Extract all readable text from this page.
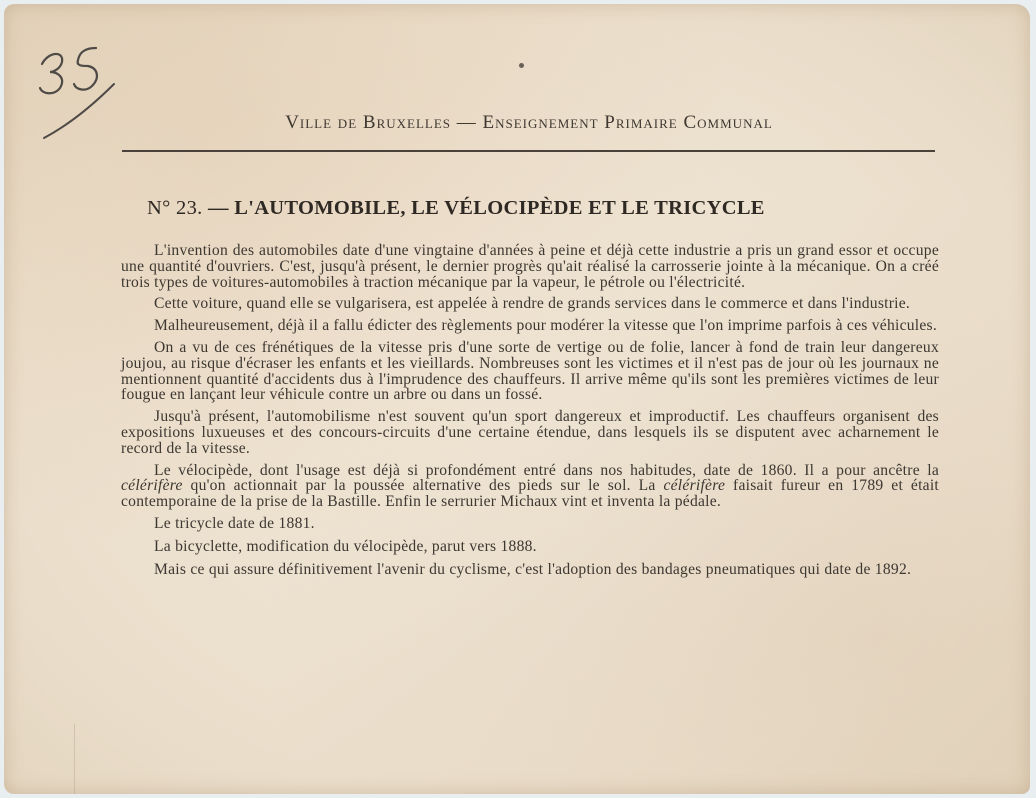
Ville de Bruxelles — Enseignement Primaire Communal
N° 23. — L'AUTOMOBILE, LE VÉLOCIPÈDE ET LE TRICYCLE

L'invention des automobiles date d'une vingtaine d'années à peine et déjà cette industrie a pris un grand essor et occupe une quantité d'ouvriers. C'est, jusqu'à présent, le dernier progrès qu'ait réalisé la carrosserie jointe à la mécanique. On a créé trois types de voitures-automobiles à traction mécanique par la vapeur, le pétrole ou l'électricité.

Cette voiture, quand elle se vulgarisera, est appelée à rendre de grands services dans le commerce et dans l'industrie.

Malheureusement, déjà il a fallu édicter des règlements pour modérer la vitesse que l'on imprime parfois à ces véhicules.

On a vu de ces frénétiques de la vitesse pris d'une sorte de vertige ou de folie, lancer à fond de train leur dangereux joujou, au risque d'écraser les enfants et les vieillards. Nombreuses sont les victimes et il n'est pas de jour où les journaux ne mentionnent quantité d'accidents dus à l'imprudence des chauffeurs. Il arrive même qu'ils sont les premières victimes de leur fougue en lançant leur véhicule contre un arbre ou dans un fossé.

Jusqu'à présent, l'automobilisme n'est souvent qu'un sport dangereux et improductif. Les chauffeurs organisent des expositions luxueuses et des concours-circuits d'une certaine étendue, dans lesquels ils se disputent avec acharnement le record de la vitesse.

Le vélocipède, dont l'usage est déjà si profondément entré dans nos habitudes, date de 1860. Il a pour ancêtre la célérifère qu'on actionnait par la poussée alternative des pieds sur le sol. La célérifère faisait fureur en 1789 et était contemporaine de la prise de la Bastille. Enfin le serrurier Michaux vint et inventa la pédale.

Le tricycle date de 1881.

La bicyclette, modification du vélocipède, parut vers 1888.

Mais ce qui assure définitivement l'avenir du cyclisme, c'est l'adoption des bandages pneumatiques qui date de 1892.
